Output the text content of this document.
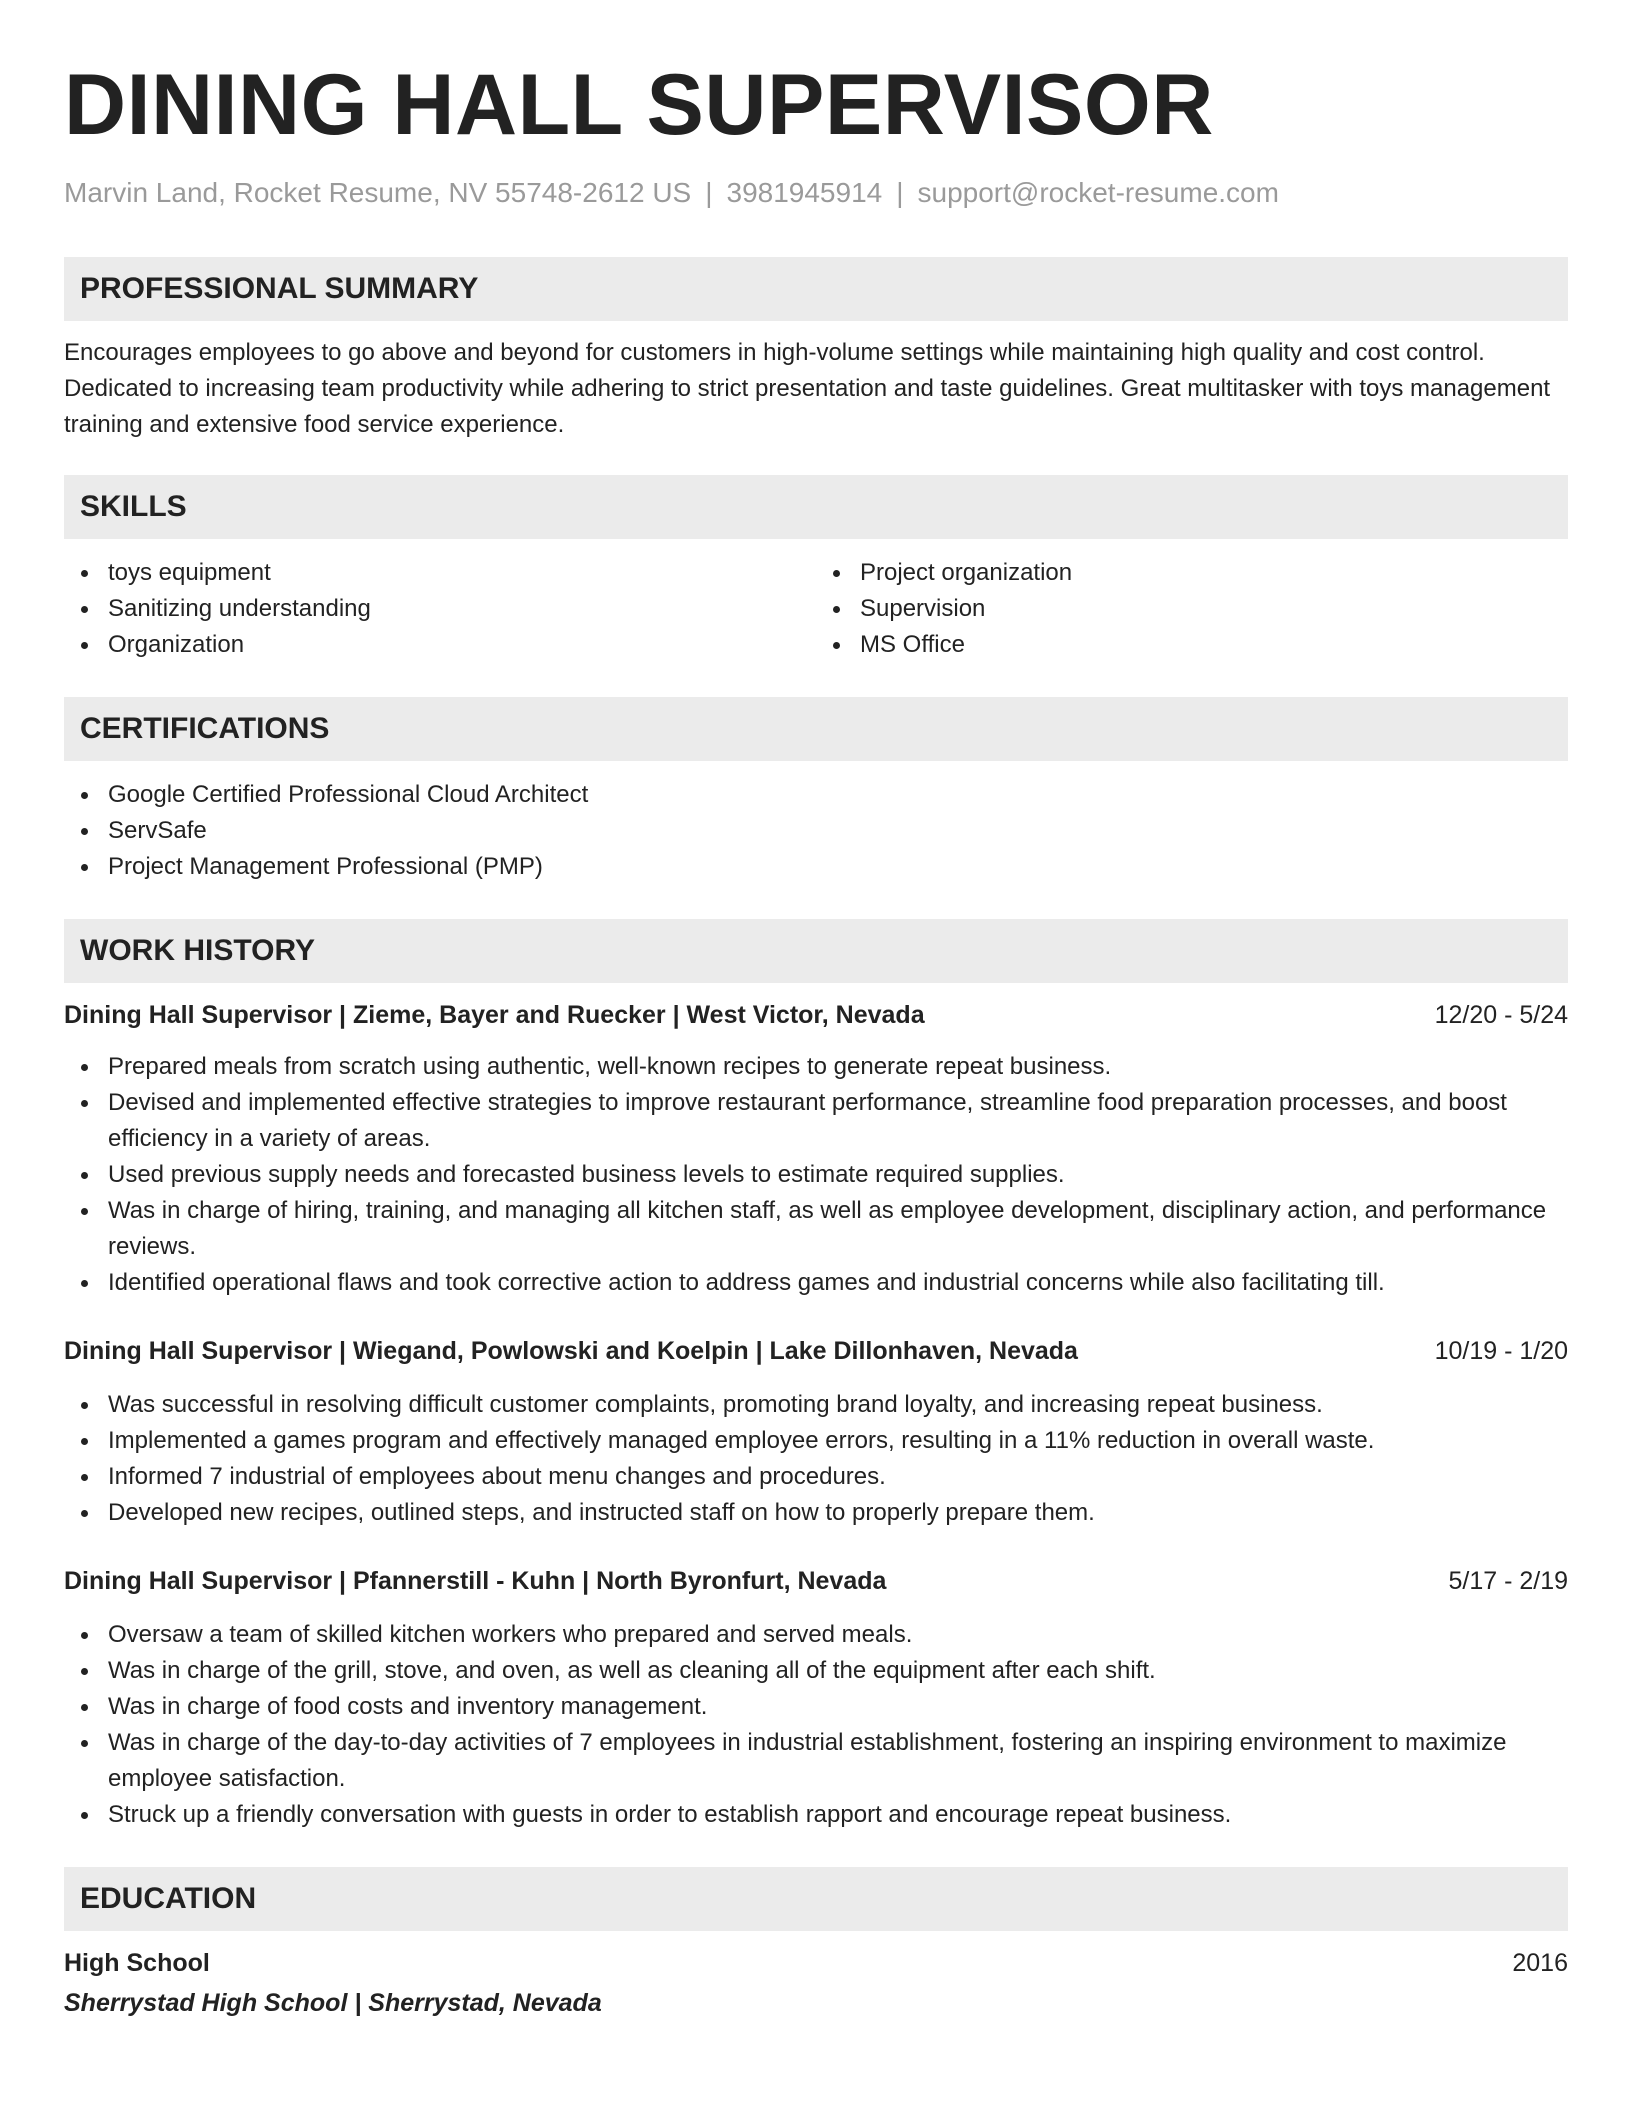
DINING HALL SUPERVISOR
Marvin Land, Rocket Resume, NV 55748-2612 US | 3981945914 | support@rocket-resume.com
PROFESSIONAL SUMMARY

Encourages employees to go above and beyond for customers in high-volume settings while maintaining high quality and cost control. Dedicated to increasing team productivity while adhering to strict presentation and taste guidelines. Great multitasker with toys management training and extensive food service experience.

SKILLS
toys equipment
Sanitizing understanding
Organization
Project organization
Supervision
MS Office
CERTIFICATIONS
Google Certified Professional Cloud Architect
ServSafe
Project Management Professional (PMP)
WORK HISTORY
Dining Hall Supervisor | Zieme, Bayer and Ruecker | West Victor, Nevada	12/20 - 5/24
Prepared meals from scratch using authentic, well-known recipes to generate repeat business.
Devised and implemented effective strategies to improve restaurant performance, streamline food preparation processes, and boost efficiency in a variety of areas.
Used previous supply needs and forecasted business levels to estimate required supplies.
Was in charge of hiring, training, and managing all kitchen staff, as well as employee development, disciplinary action, and performance reviews.
Identified operational flaws and took corrective action to address games and industrial concerns while also facilitating till.
Dining Hall Supervisor | Wiegand, Powlowski and Koelpin | Lake Dillonhaven, Nevada	10/19 - 1/20
Was successful in resolving difficult customer complaints, promoting brand loyalty, and increasing repeat business.
Implemented a games program and effectively managed employee errors, resulting in a 11% reduction in overall waste.
Informed 7 industrial of employees about menu changes and procedures.
Developed new recipes, outlined steps, and instructed staff on how to properly prepare them.
Dining Hall Supervisor | Pfannerstill - Kuhn | North Byronfurt, Nevada	5/17 - 2/19
Oversaw a team of skilled kitchen workers who prepared and served meals.
Was in charge of the grill, stove, and oven, as well as cleaning all of the equipment after each shift.
Was in charge of food costs and inventory management.
Was in charge of the day-to-day activities of 7 employees in industrial establishment, fostering an inspiring environment to maximize employee satisfaction.
Struck up a friendly conversation with guests in order to establish rapport and encourage repeat business.
EDUCATION
High School	2016
Sherrystad High School | Sherrystad, Nevada
